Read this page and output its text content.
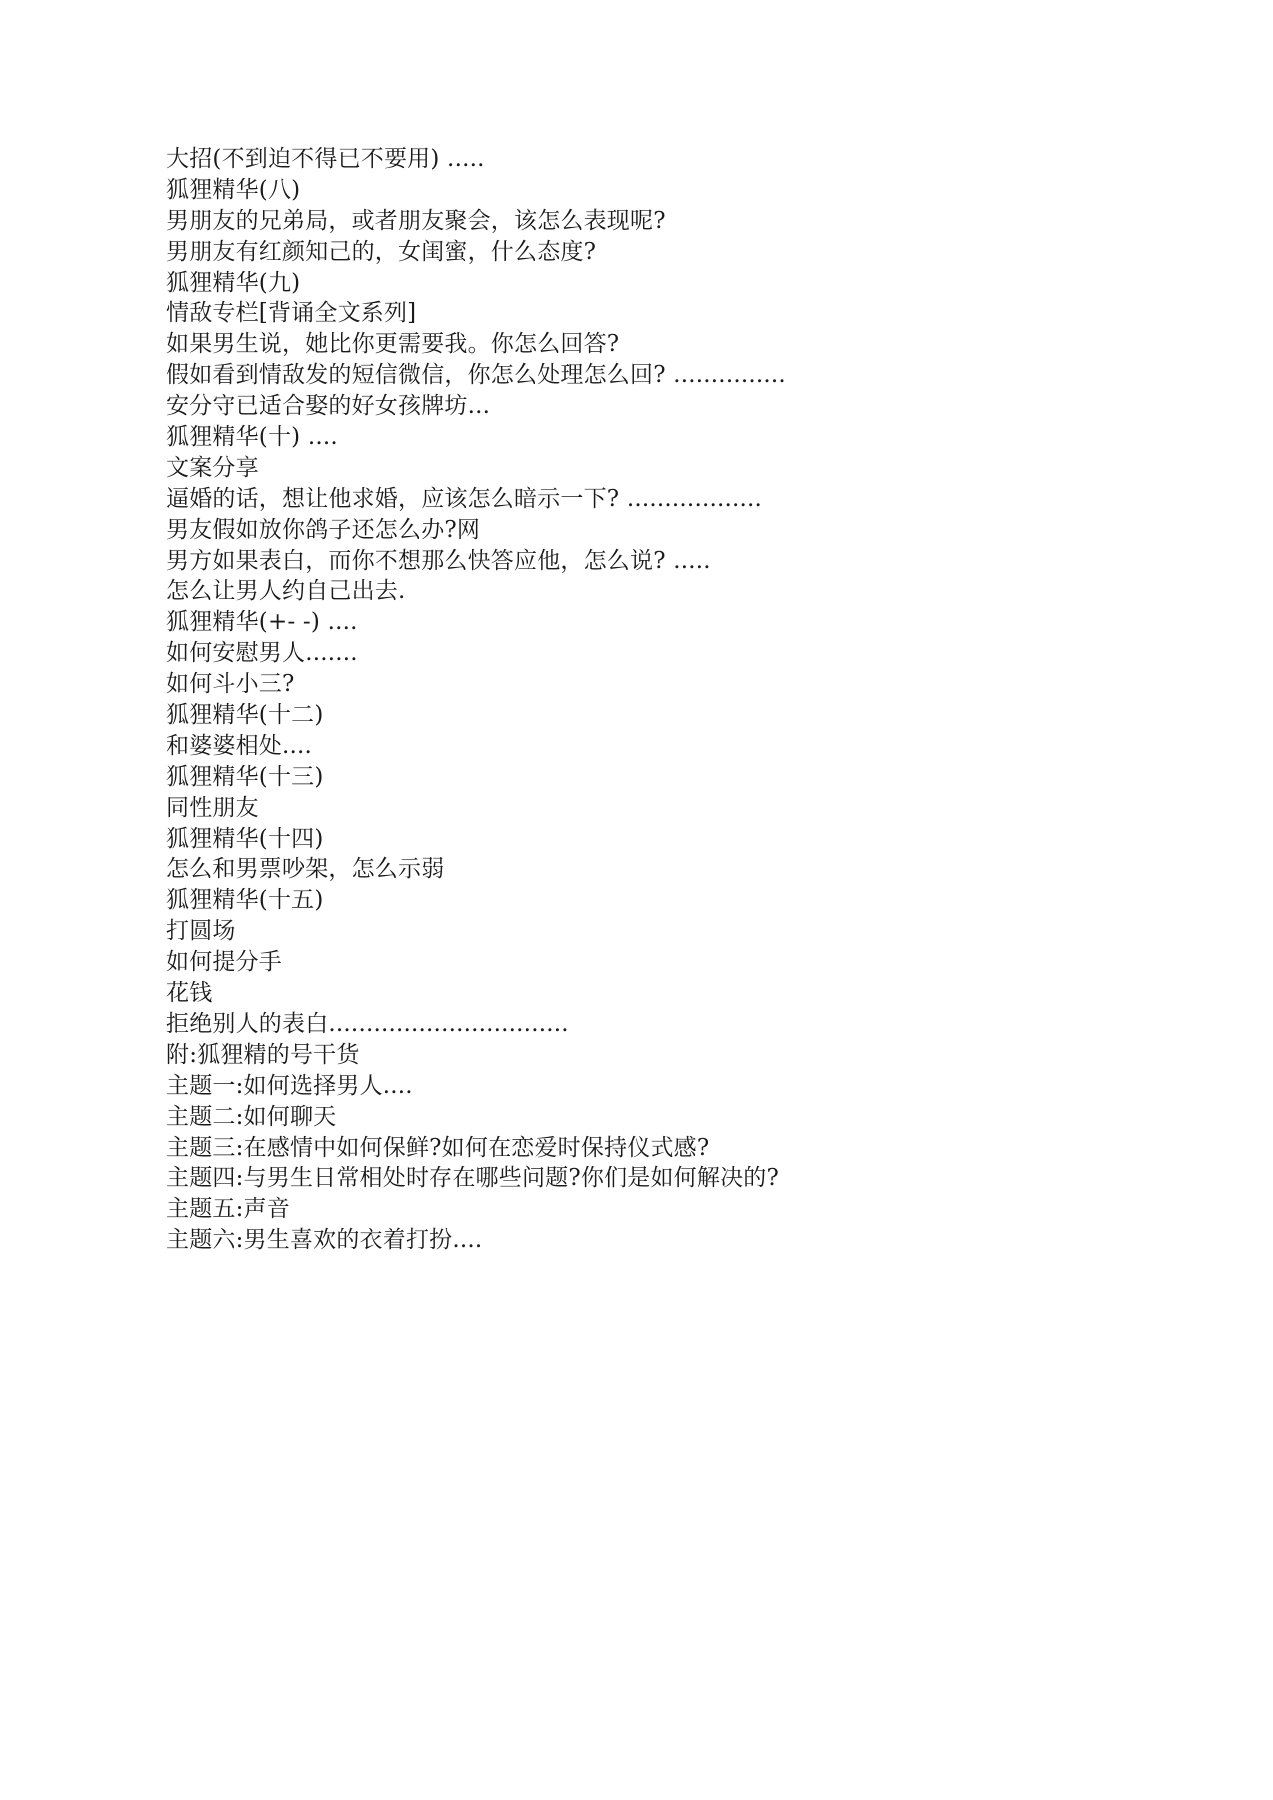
大招(不到迫不得已不要用) .....
狐狸精华(八)
男朋友的兄弟局，或者朋友聚会，该怎么表现呢?
男朋友有红颜知己的，女闺蜜，什么态度?
狐狸精华(九)
情敌专栏[背诵全文系列]
如果男生说，她比你更需要我。你怎么回答?
假如看到情敌发的短信微信，你怎么处理怎么回? ...............
安分守已适合娶的好女孩牌坊...
狐狸精华(十) ....
文案分享
逼婚的话，想让他求婚，应该怎么暗示一下? ..................
男友假如放你鸽子还怎么办?网
男方如果表白，而你不想那么快答应他，怎么说? .....
怎么让男人约自己出去.
狐狸精华(+- -) ....
如何安慰男人.......
如何斗小三?
狐狸精华(十二)
和婆婆相处....
狐狸精华(十三)
同性朋友
狐狸精华(十四)
怎么和男票吵架，怎么示弱
狐狸精华(十五)
打圆场
如何提分手
花钱
拒绝别人的表白................................
附:狐狸精的号干货
主题一:如何选择男人....
主题二:如何聊天
主题三:在感情中如何保鲜?如何在恋爱时保持仪式感?
主题四:与男生日常相处时存在哪些问题?你们是如何解决的?
主题五:声音
主题六:男生喜欢的衣着打扮....
